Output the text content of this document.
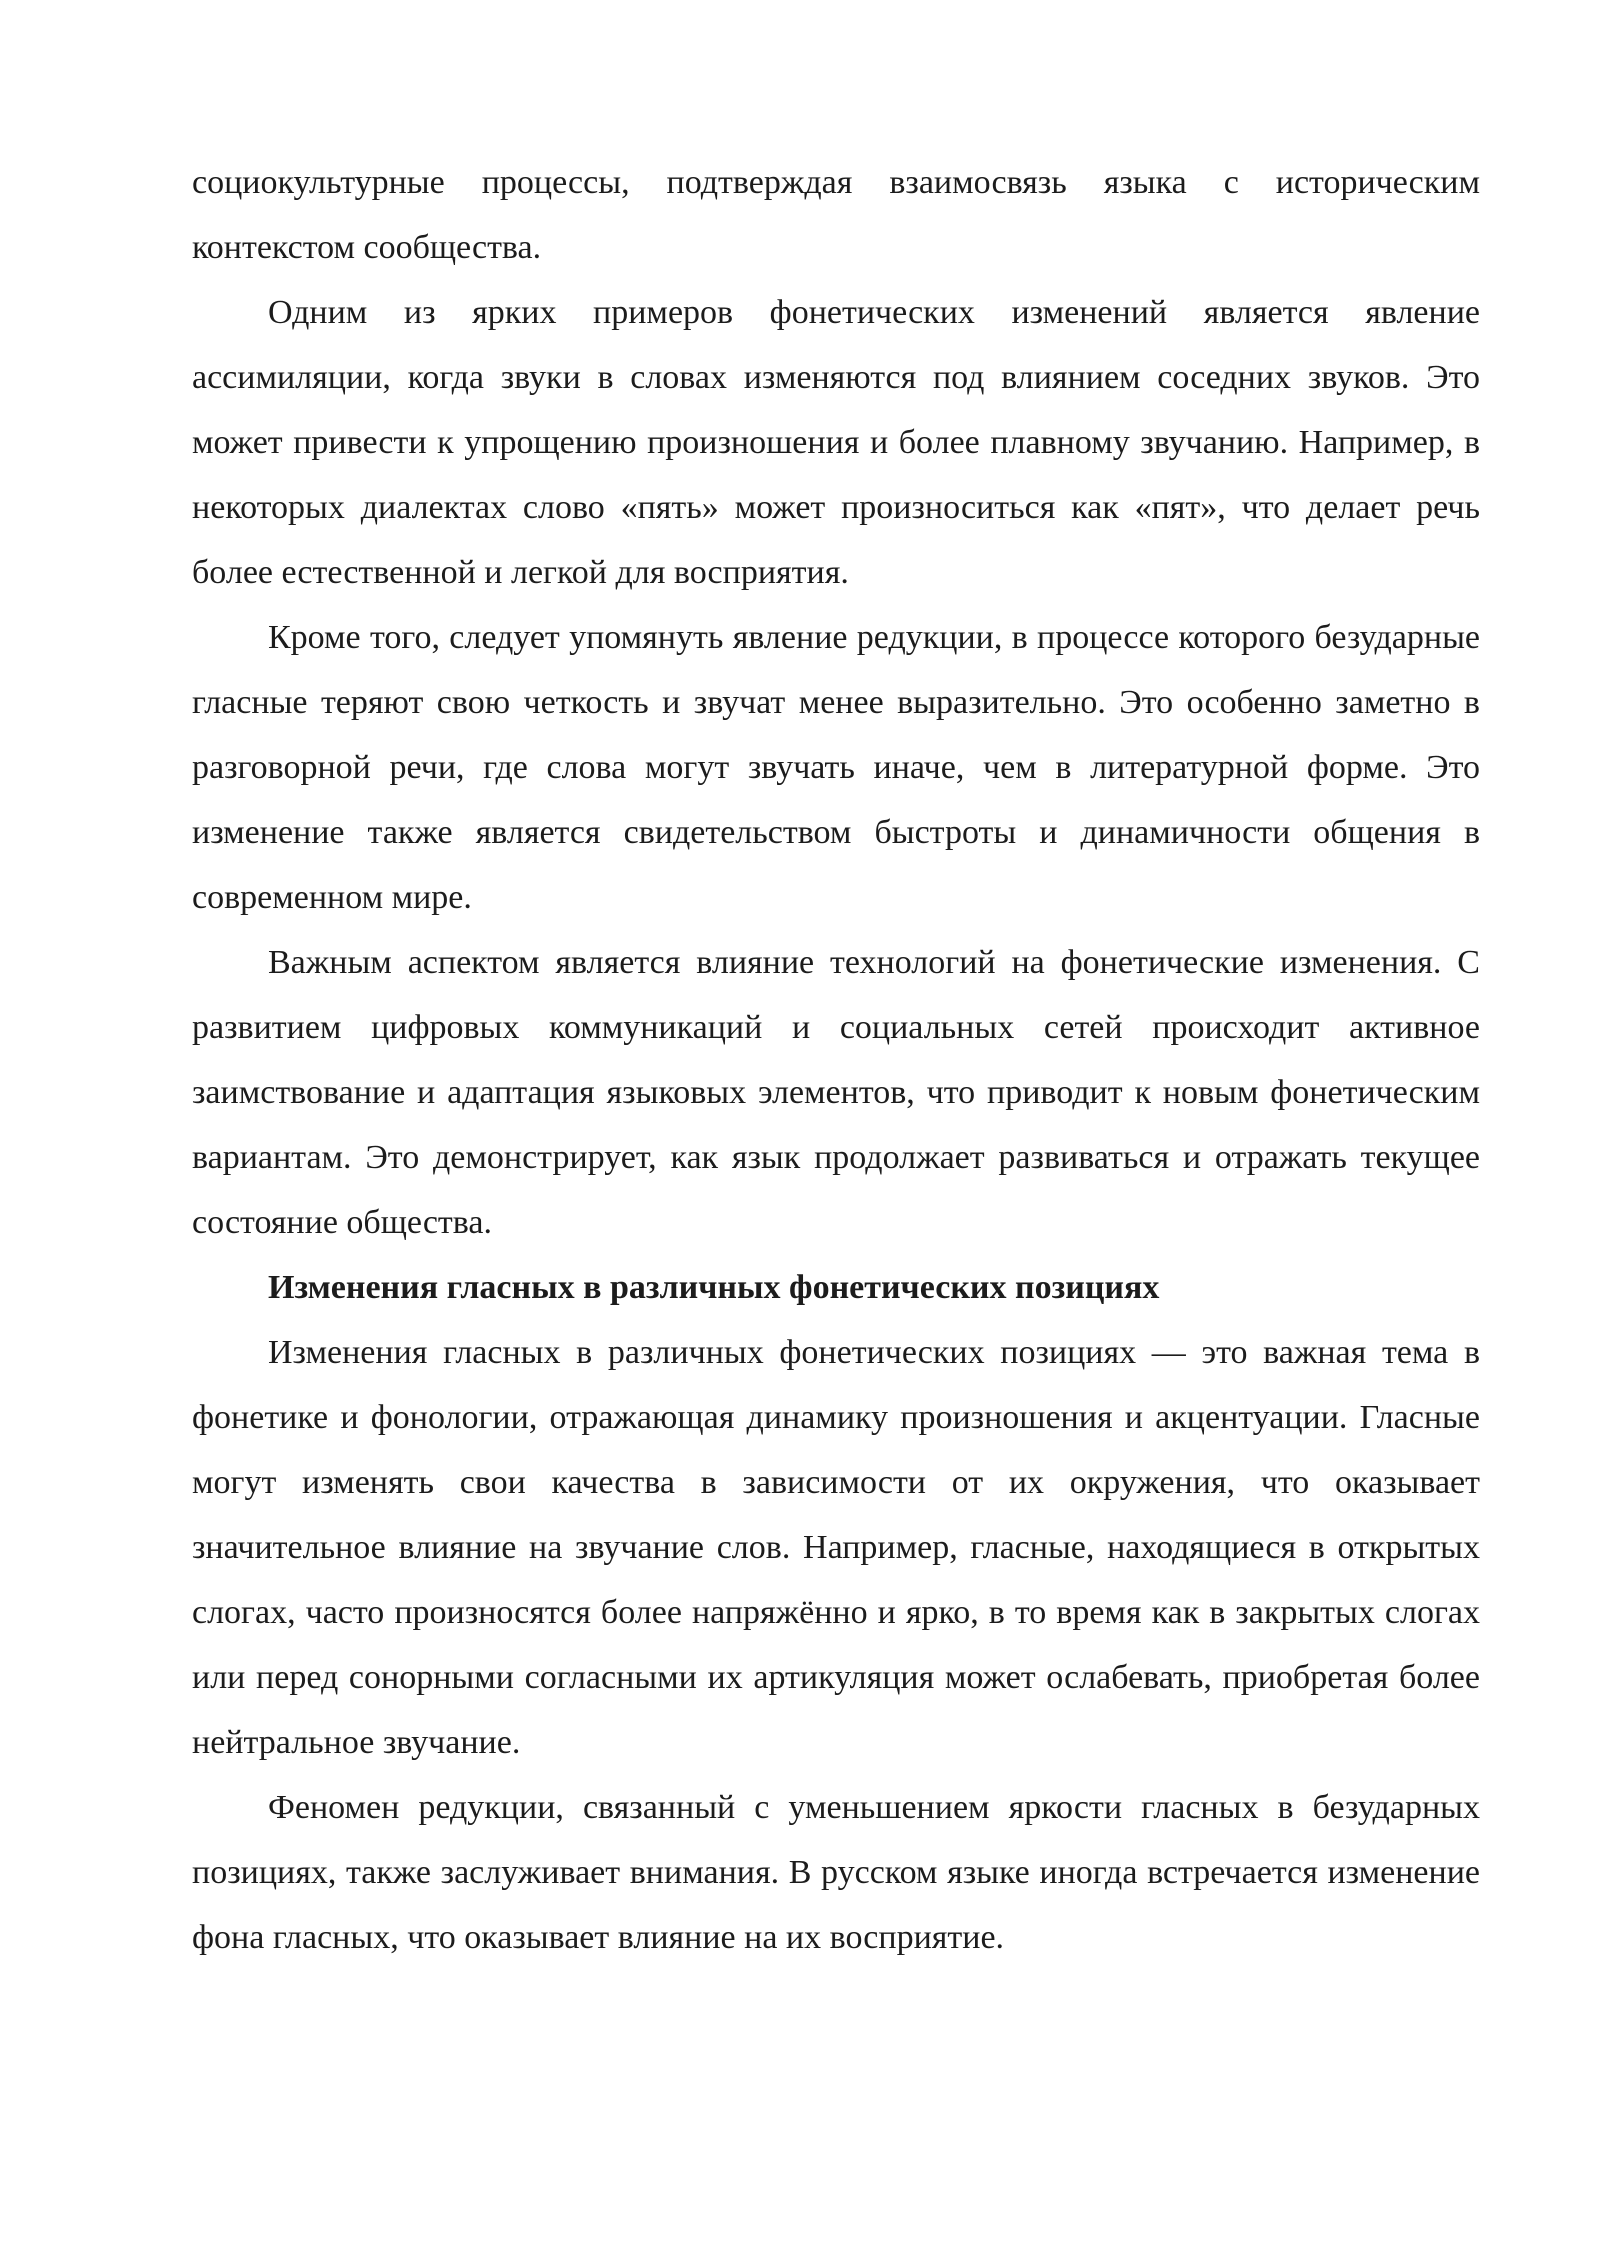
социокультурные процессы, подтверждая взаимосвязь языка с историческим контекстом сообщества.

Одним из ярких примеров фонетических изменений является явление ассимиляции, когда звуки в словах изменяются под влиянием соседних звуков. Это может привести к упрощению произношения и более плавному звучанию. Например, в некоторых диалектах слово «пять» может произноситься как «пят», что делает речь более естественной и легкой для восприятия.

Кроме того, следует упомянуть явление редукции, в процессе которого безударные гласные теряют свою четкость и звучат менее выразительно. Это особенно заметно в разговорной речи, где слова могут звучать иначе, чем в литературной форме. Это изменение также является свидетельством быстроты и динамичности общения в современном мире.

Важным аспектом является влияние технологий на фонетические изменения. С развитием цифровых коммуникаций и социальных сетей происходит активное заимствование и адаптация языковых элементов, что приводит к новым фонетическим вариантам. Это демонстрирует, как язык продолжает развиваться и отражать текущее состояние общества.

Изменения гласных в различных фонетических позициях

Изменения гласных в различных фонетических позициях — это важная тема в фонетике и фонологии, отражающая динамику произношения и акцентуации. Гласные могут изменять свои качества в зависимости от их окружения, что оказывает значительное влияние на звучание слов. Например, гласные, находящиеся в открытых слогах, часто произносятся более напряжённо и ярко, в то время как в закрытых слогах или перед сонорными согласными их артикуляция может ослабевать, приобретая более нейтральное звучание.

Феномен редукции, связанный с уменьшением яркости гласных в безударных позициях, также заслуживает внимания. В русском языке иногда встречается изменение фона гласных, что оказывает влияние на их восприятие.
